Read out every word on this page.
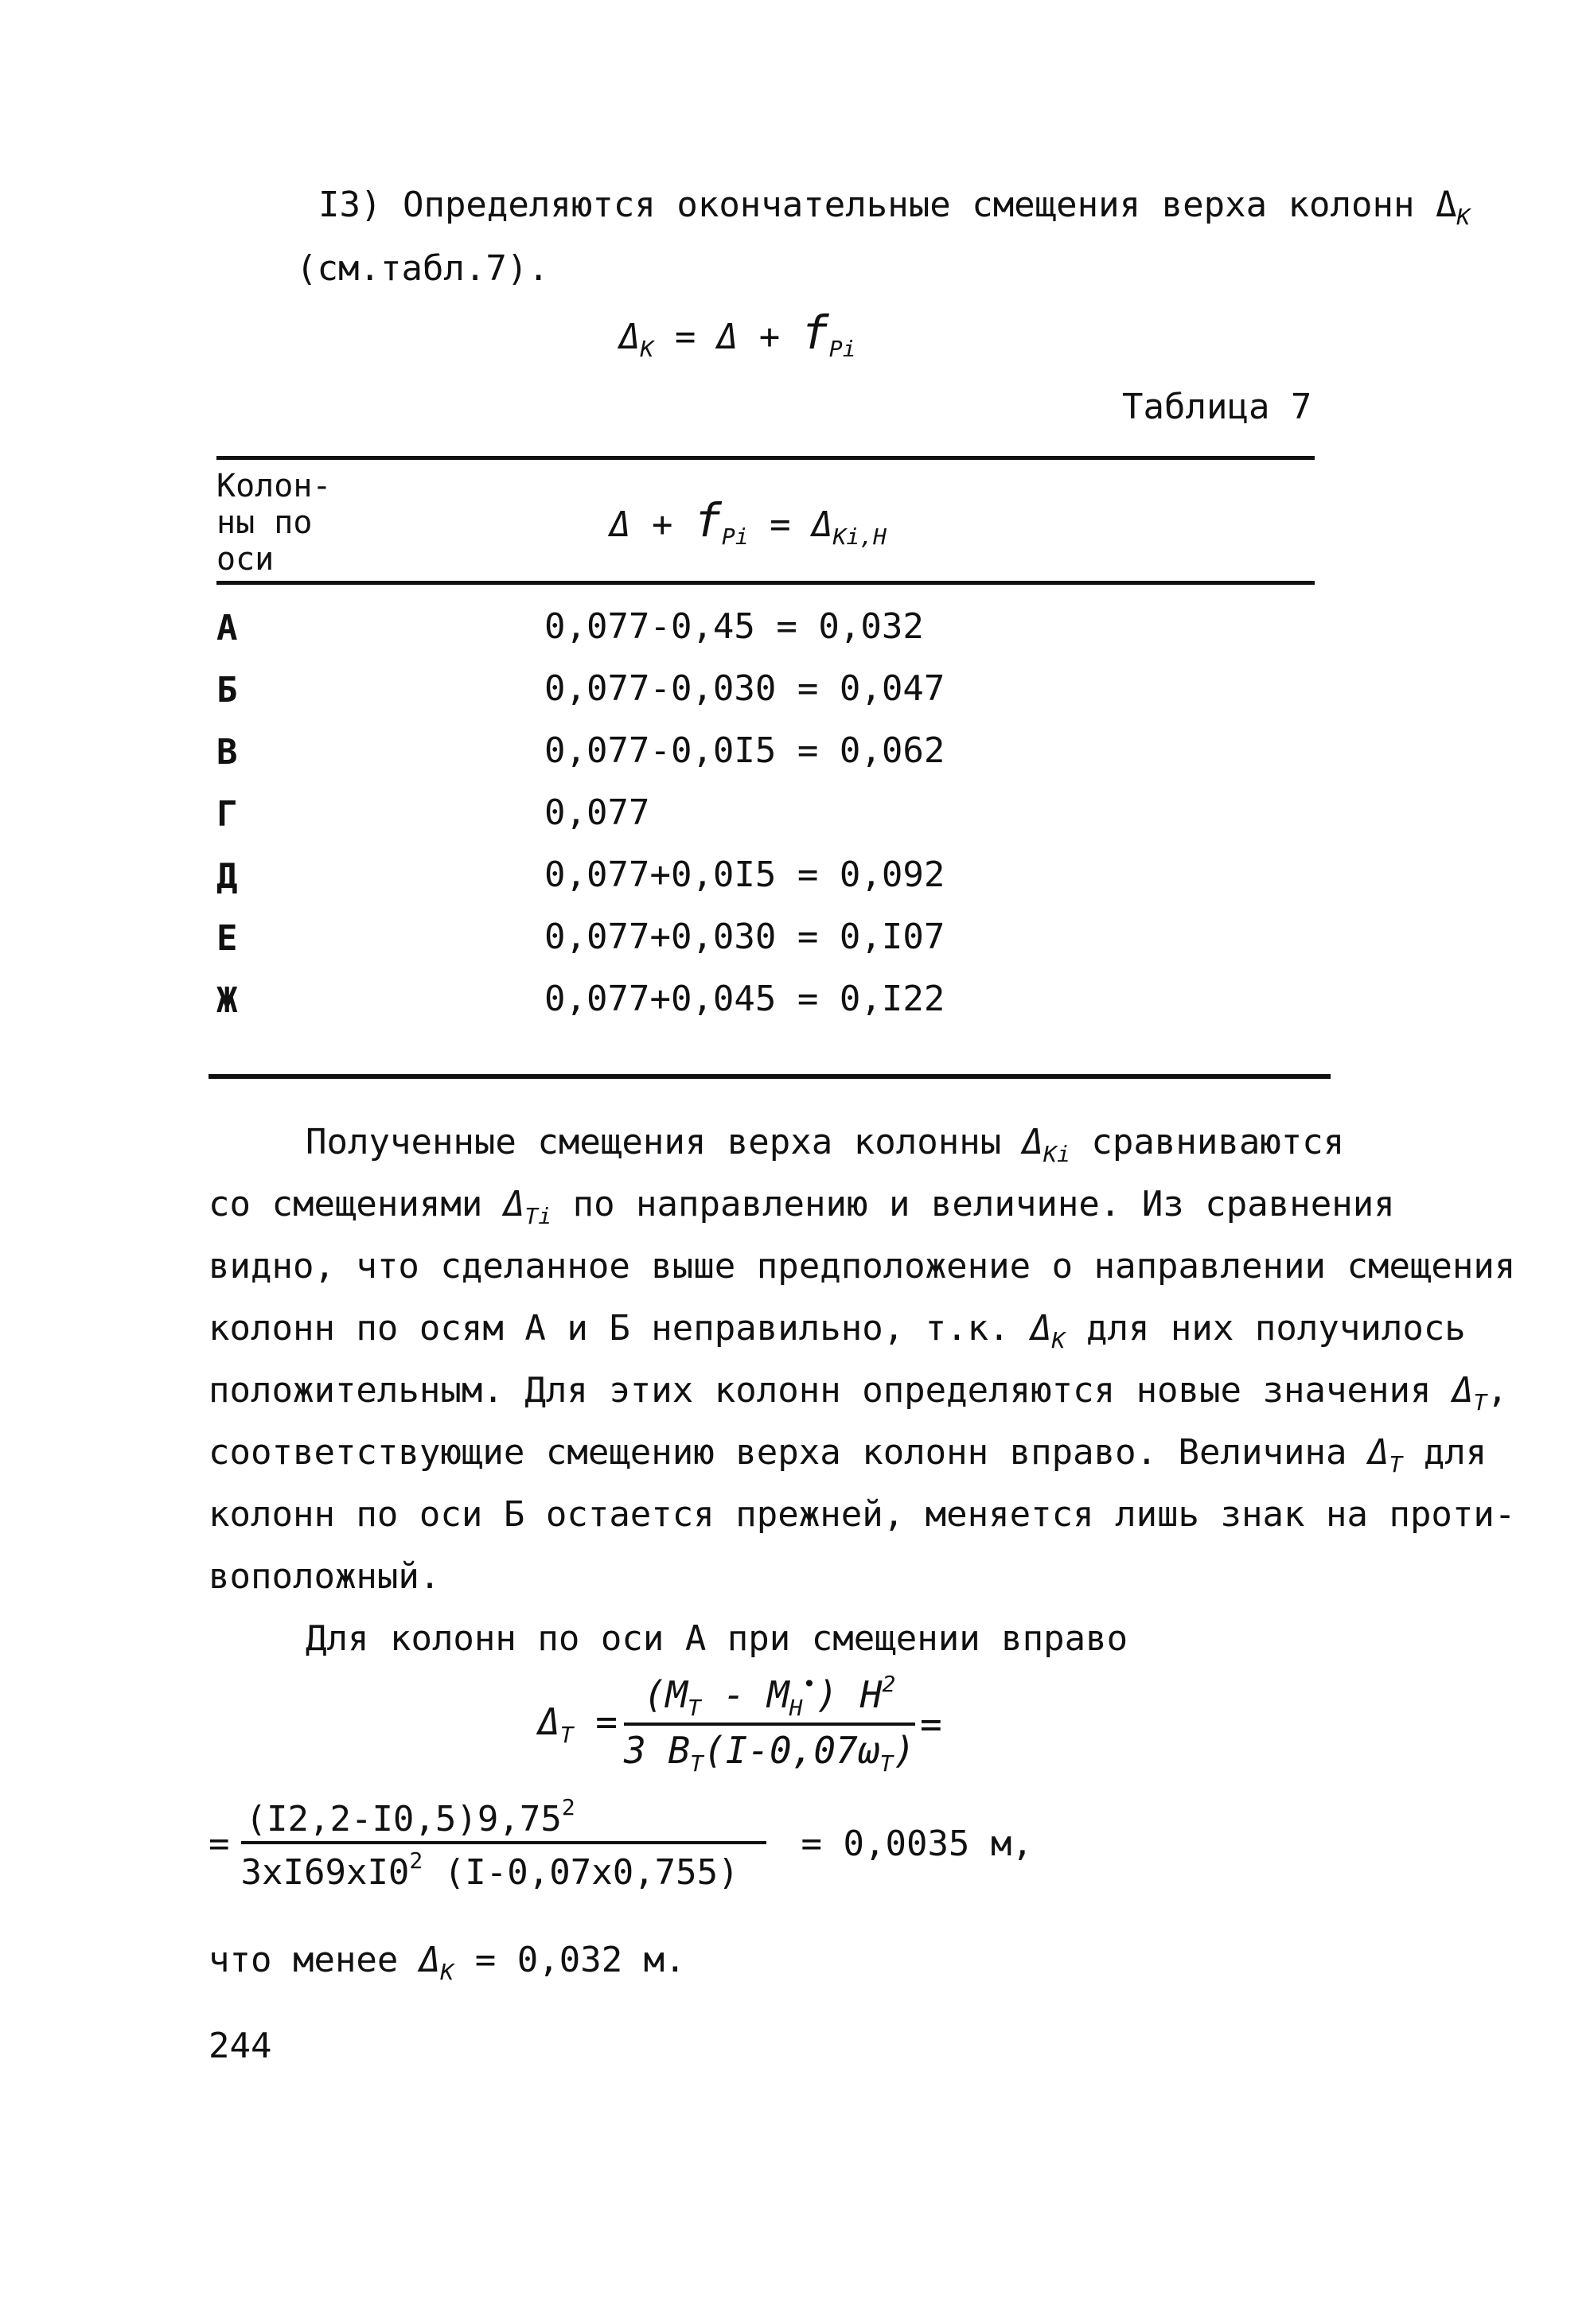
I3) Определяются окончательные смещения верха колонн $\Delta_К$
(см.табл.7).
$\Delta_К = \Delta + f_{Pi}$
Таблица 7
Колон-
ны по
оси
$\Delta + f_{Pi} = \Delta_{Кi,Н}$
А	0,077-0,45 = 0,032
Б	0,077-0,030 = 0,047
В	0,077-0,0I5 = 0,062
Г	0,077
Д	0,077+0,0I5 = 0,092
Е	0,077+0,030 = 0,I07
Ж	0,077+0,045 = 0,I22
Полученные смещения верха колонны $\Delta_{Кi}$ сравниваются
со смещениями $\Delta_{Тi}$ по направлению и величине. Из сравнения
видно, что сделанное выше предположение о направлении смещения
колонн по осям А и Б неправильно, т.к. $\Delta_К$ для них получилось
положительным. Для этих колонн определяются новые значения $\Delta_Т$,
соответствующие смещению верха колонн вправо. Величина $\Delta_Т$ для
колонн по оси Б остается прежней, меняется лишь знак на проти-
воположный.
Для колонн по оси А при смещении вправо
$\Delta_Т = \frac{(M_Т - M_Н^•) H^2}{3 B_T(I-0,07\omega_Т)}$ =
= $\frac{(I2,2-I0,5)9,75^2}{3xI69xI0^2 (I-0,07x0,755)} = 0,0035$ м,
что менее $\Delta_К = 0,032$ м.
244
